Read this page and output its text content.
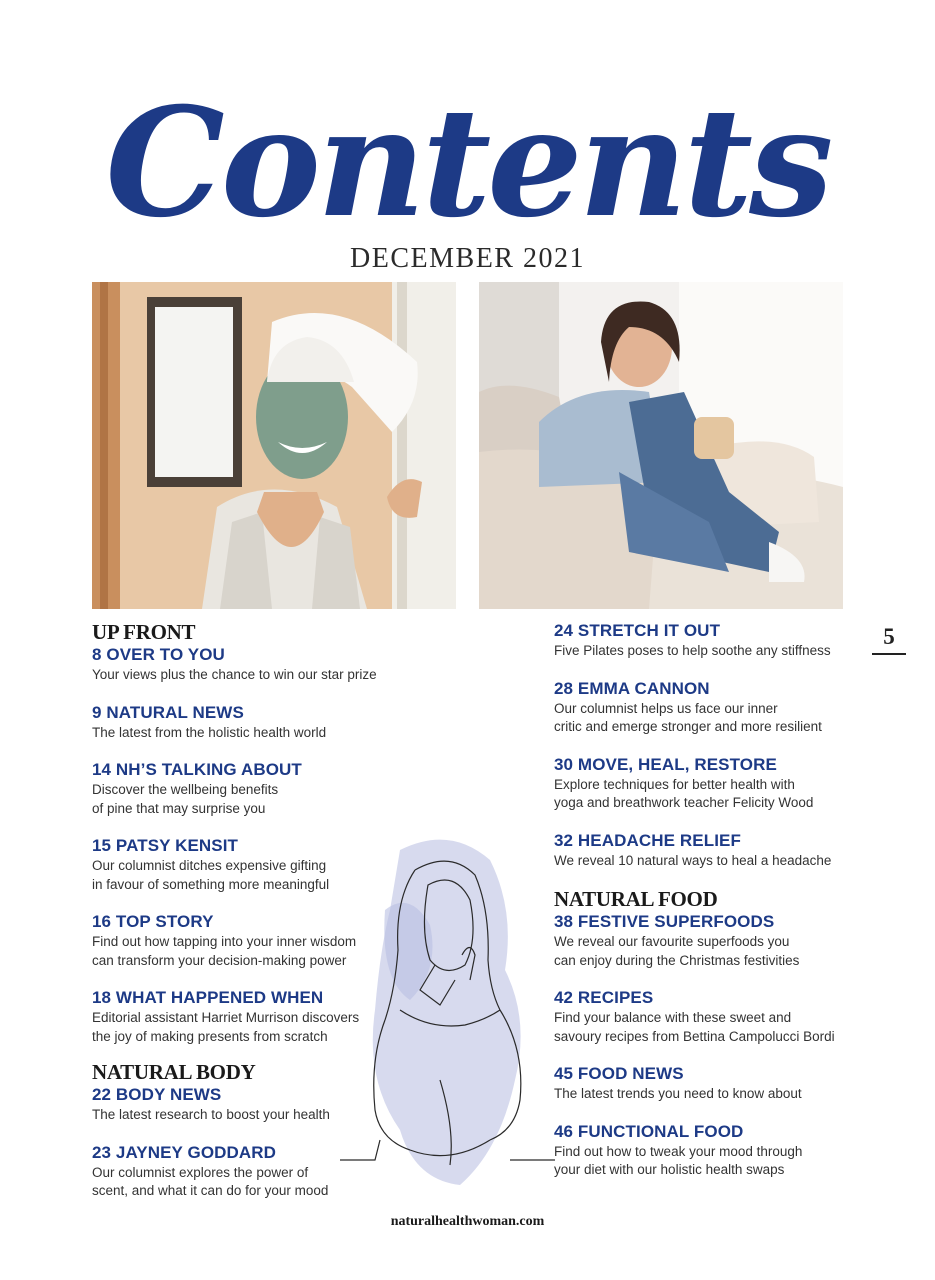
Contents
DECEMBER 2021
5
UP FRONT
8 OVER TO YOU
Your views plus the chance to win our star prize
9 NATURAL NEWS
The latest from the holistic health world
14 NH’S TALKING ABOUT
Discover the wellbeing benefits
of pine that may surprise you
15 PATSY KENSIT
Our columnist ditches expensive gifting
in favour of something more meaningful
16 TOP STORY
Find out how tapping into your inner wisdom
can transform your decision-making power
18 WHAT HAPPENED WHEN
Editorial assistant Harriet Murrison discovers
the joy of making presents from scratch
NATURAL BODY
22 BODY NEWS
The latest research to boost your health
23 JAYNEY GODDARD
Our columnist explores the power of
scent, and what it can do for your mood
24 STRETCH IT OUT
Five Pilates poses to help soothe any stiffness
28 EMMA CANNON
Our columnist helps us face our inner
critic and emerge stronger and more resilient
30 MOVE, HEAL, RESTORE
Explore techniques for better health with
yoga and breathwork teacher Felicity Wood
32 HEADACHE RELIEF
We reveal 10 natural ways to heal a headache
NATURAL FOOD
38 FESTIVE SUPERFOODS
We reveal our favourite superfoods you
can enjoy during the Christmas festivities
42 RECIPES
Find your balance with these sweet and
savoury recipes from Bettina Campolucci Bordi
45 FOOD NEWS
The latest trends you need to know about
46 FUNCTIONAL FOOD
Find out how to tweak your mood through
your diet with our holistic health swaps
naturalhealthwoman.com
